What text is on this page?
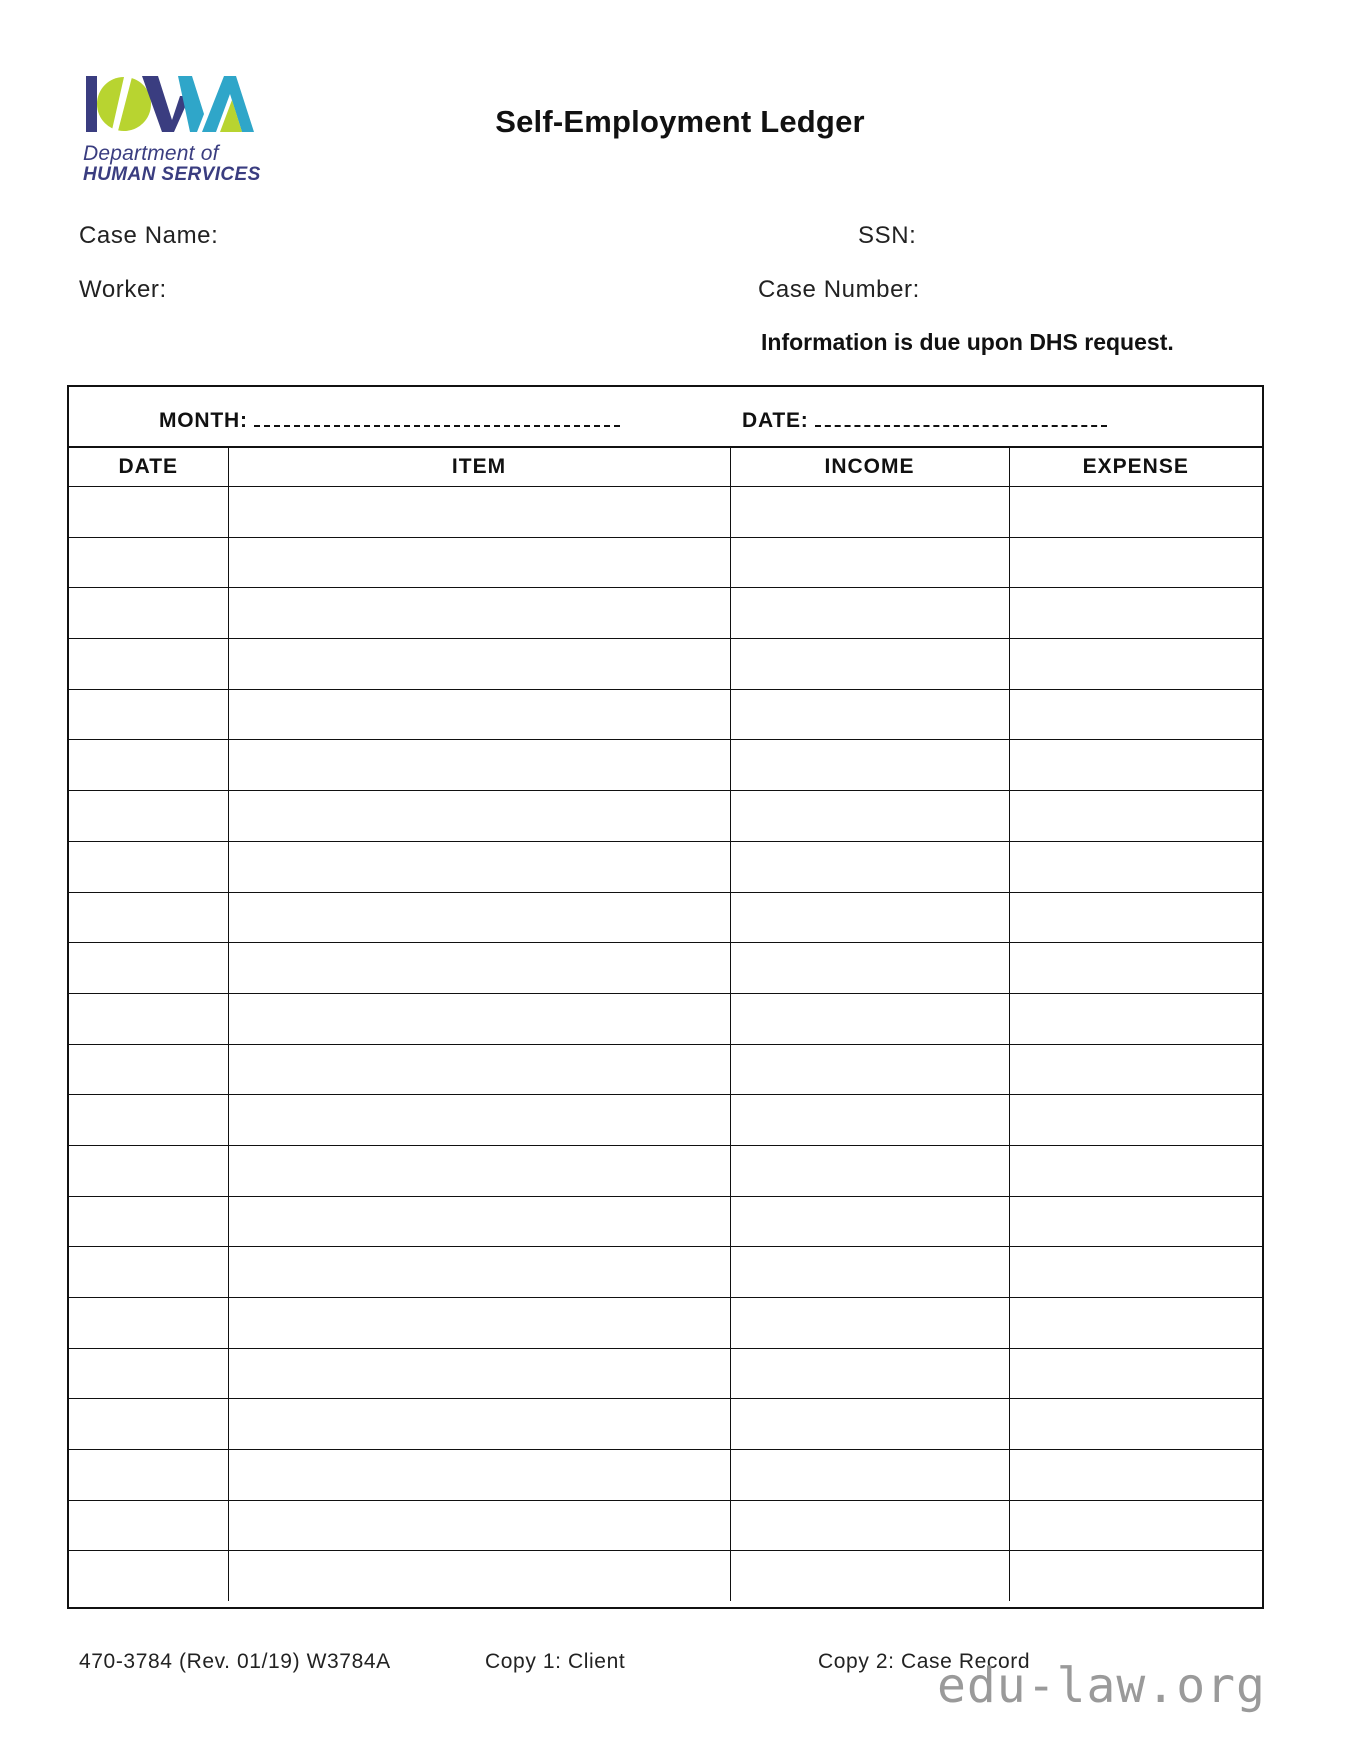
Department of
HUMAN SERVICES
Self-Employment Ledger
Case Name:	SSN:
Worker:	Case Number:
Information is due upon DHS request.
MONTH:	DATE:
DATE	ITEM	INCOME	EXPENSE

470-3784 (Rev. 01/19) W3784A	Copy 1: Client	Copy 2: Case Record
edu-law.org
